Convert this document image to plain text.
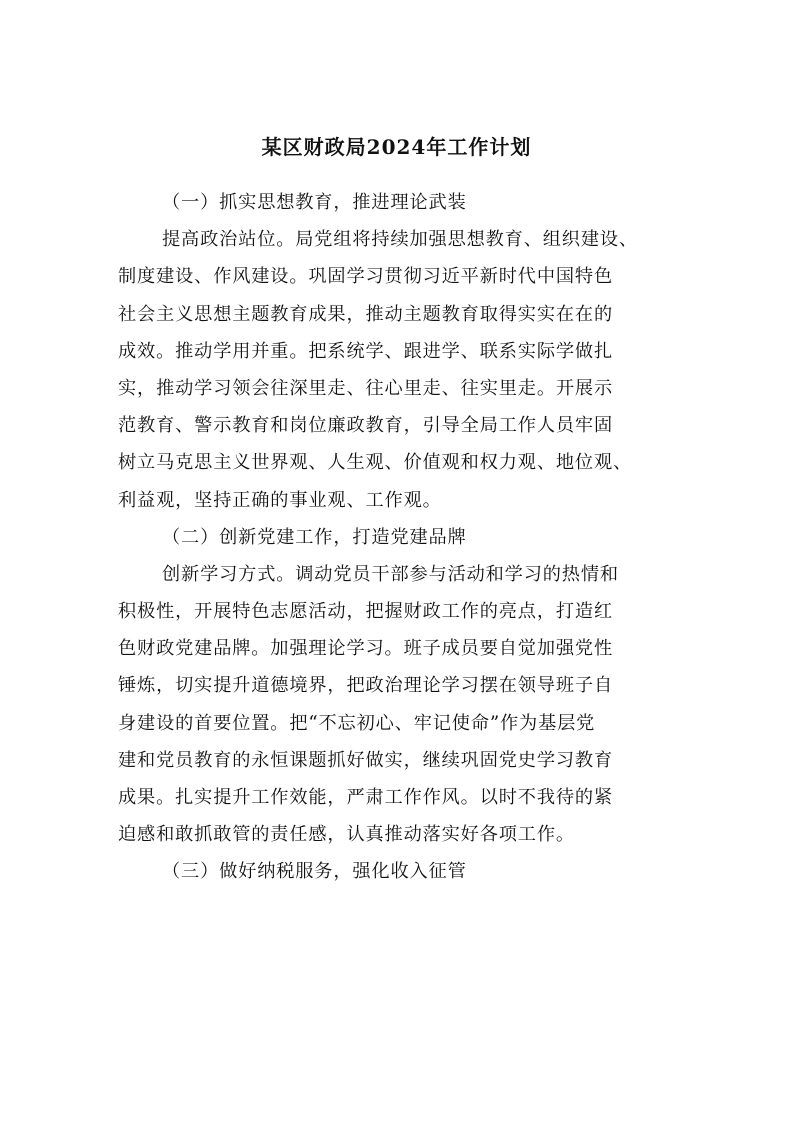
某区财政局2024年工作计划
（一）抓实思想教育，推进理论武装
提高政治站位。局党组将持续加强思想教育、组织建设、
制度建设、作风建设。巩固学习贯彻习近平新时代中国特色
社会主义思想主题教育成果，推动主题教育取得实实在在的
成效。推动学用并重。把系统学、跟进学、联系实际学做扎
实，推动学习领会往深里走、往心里走、往实里走。开展示
范教育、警示教育和岗位廉政教育，引导全局工作人员牢固
树立马克思主义世界观、人生观、价值观和权力观、地位观、
利益观，坚持正确的事业观、工作观。
（二）创新党建工作，打造党建品牌
创新学习方式。调动党员干部参与活动和学习的热情和
积极性，开展特色志愿活动，把握财政工作的亮点，打造红
色财政党建品牌。加强理论学习。班子成员要自觉加强党性
锤炼，切实提升道德境界，把政治理论学习摆在领导班子自
身建设的首要位置。把“不忘初心、牢记使命”作为基层党
建和党员教育的永恒课题抓好做实，继续巩固党史学习教育
成果。扎实提升工作效能，严肃工作作风。以时不我待的紧
迫感和敢抓敢管的责任感，认真推动落实好各项工作。
（三）做好纳税服务，强化收入征管
